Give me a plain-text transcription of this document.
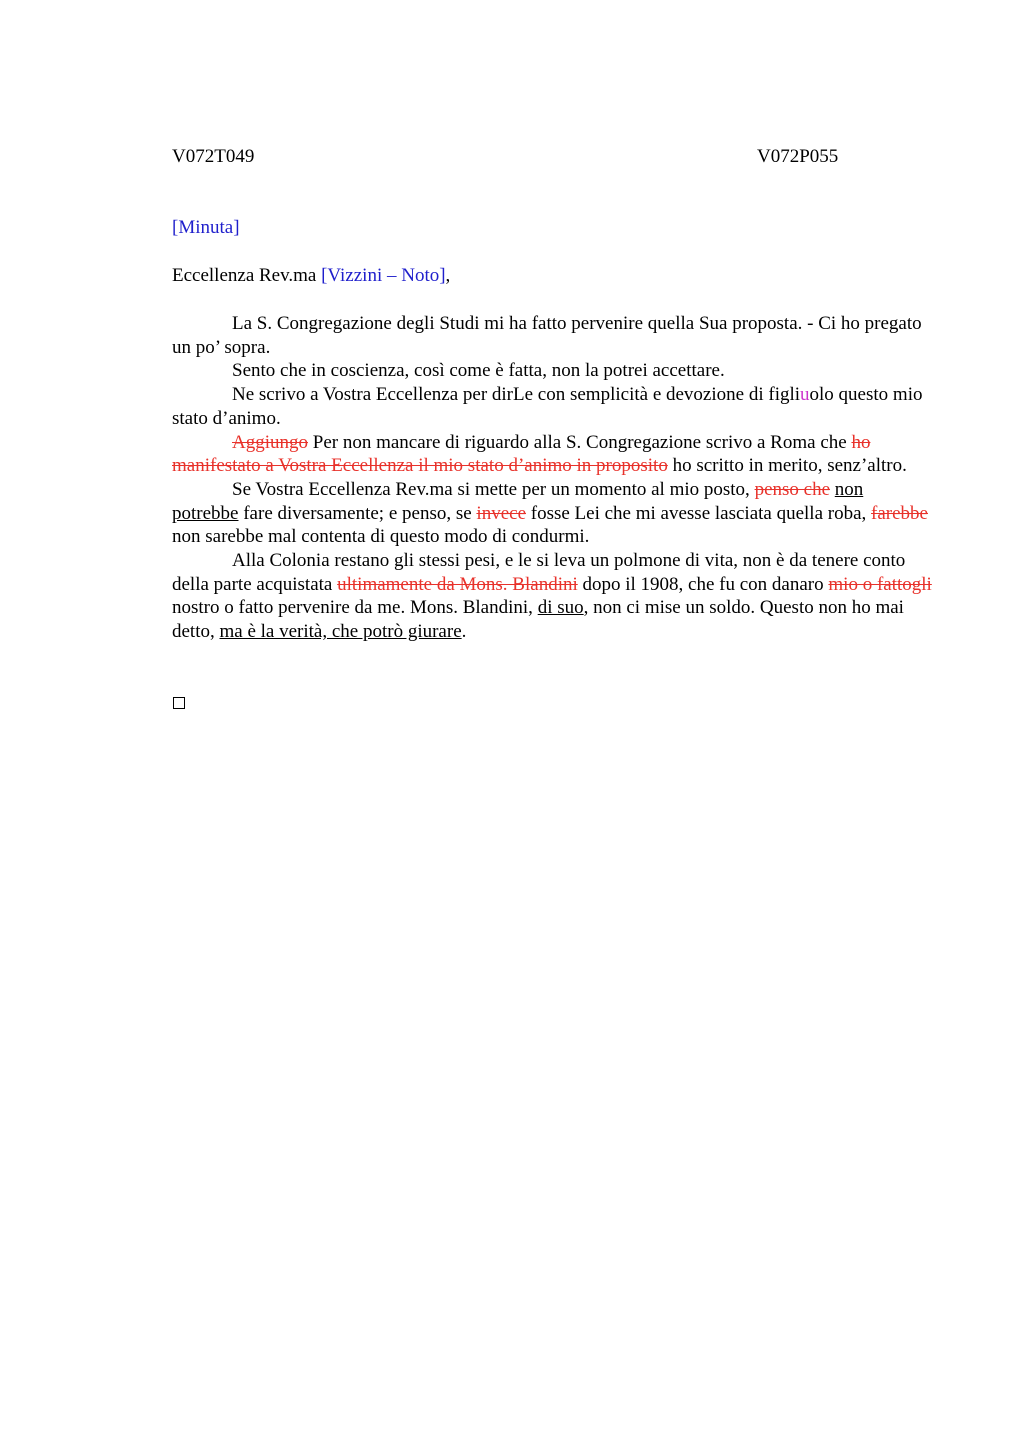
V072T049	V072P055
[Minuta]
Eccellenza Rev.ma [Vizzini – Noto],

La S. Congregazione degli Studi mi ha fatto pervenire quella Sua proposta. - Ci ho pregato un po’ sopra.

Sento che in coscienza, così come è fatta, non la potrei accettare.

Ne scrivo a Vostra Eccellenza per dirLe con semplicità e devozione di figliuolo questo mio stato d’animo.

Aggiungo Per non mancare di riguardo alla S. Congregazione scrivo a Roma che ho manifestato a Vostra Eccellenza il mio stato d’animo in proposito ho scritto in merito, senz’altro.

Se Vostra Eccellenza Rev.ma si mette per un momento al mio posto, penso che non potrebbe fare diversamente; e penso, se invece fosse Lei che mi avesse lasciata quella roba, farebbe non sarebbe mal contenta di questo modo di condurmi.

Alla Colonia restano gli stessi pesi, e le si leva un polmone di vita, non è da tenere conto della parte acquistata ultimamente da Mons. Blandini dopo il 1908, che fu con danaro mio o fattogli nostro o fatto pervenire da me. Mons. Blandini, di suo, non ci mise un soldo. Questo non ho mai detto, ma è la verità, che potrò giurare.
